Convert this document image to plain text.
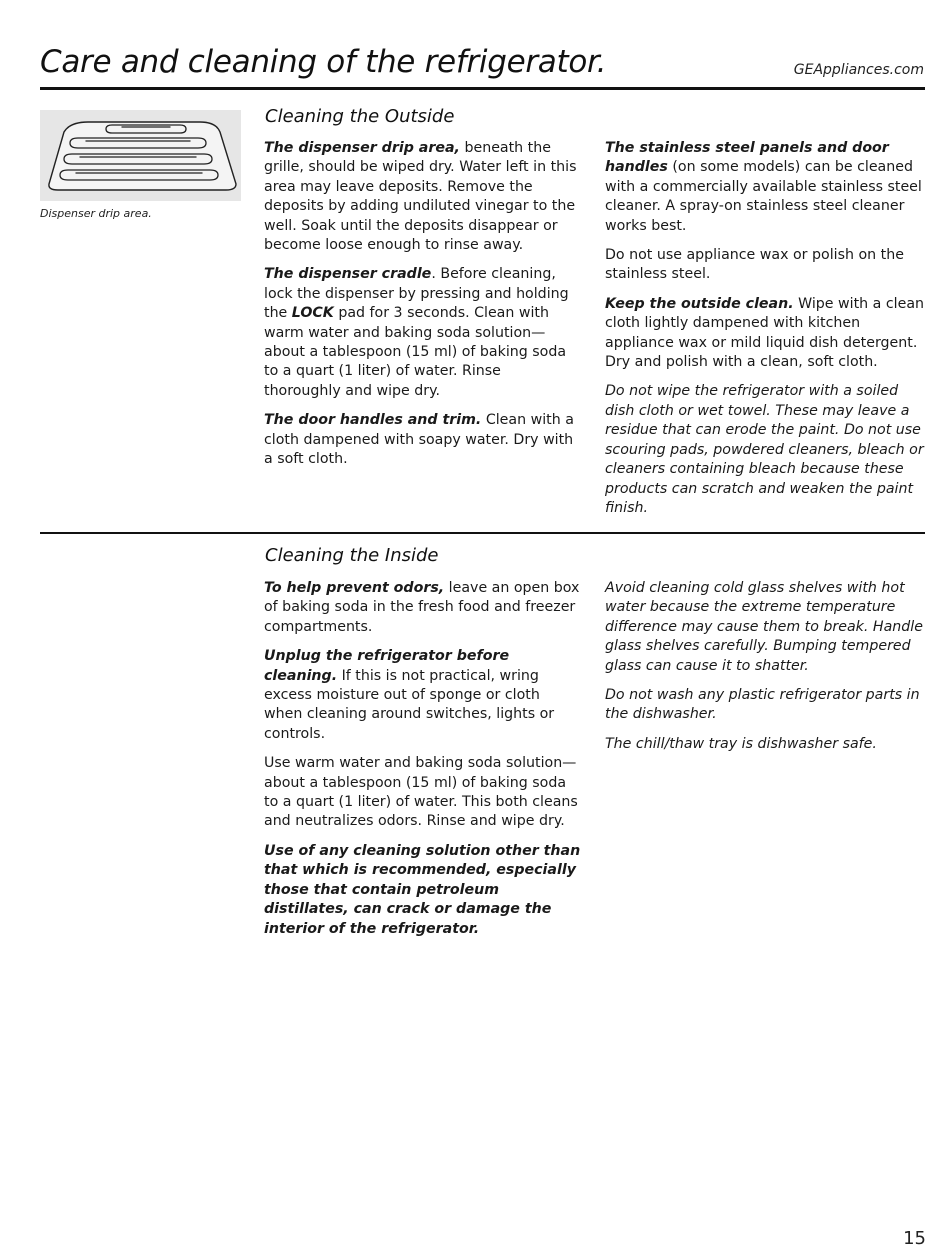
Care and cleaning of the refrigerator.	GEAppliances.com
Dispenser drip area.
Cleaning the Outside

The dispenser drip area, beneath the grille, should be wiped dry. Water left in this area may leave deposits. Remove the deposits by adding undiluted vinegar to the well. Soak until the deposits disappear or become loose enough to rinse away.

The dispenser cradle. Before cleaning, lock the dispenser by pressing and holding the LOCK pad for 3 seconds. Clean with warm water and baking soda solution—about a tablespoon (15 ml) of baking soda to a quart (1 liter) of water. Rinse thoroughly and wipe dry.

The door handles and trim. Clean with a cloth dampened with soapy water. Dry with a soft cloth.

The stainless steel panels and door handles (on some models) can be cleaned with a commercially available stainless steel cleaner. A spray-on stainless steel cleaner works best.

Do not use appliance wax or polish on the stainless steel.

Keep the outside clean. Wipe with a clean cloth lightly dampened with kitchen appliance wax or mild liquid dish detergent. Dry and polish with a clean, soft cloth.

Do not wipe the refrigerator with a soiled dish cloth or wet towel. These may leave a residue that can erode the paint. Do not use scouring pads, powdered cleaners, bleach or cleaners containing bleach because these products can scratch and weaken the paint finish.

Cleaning the Inside

To help prevent odors, leave an open box of baking soda in the fresh food and freezer compartments.

Unplug the refrigerator before cleaning. If this is not practical, wring excess moisture out of sponge or cloth when cleaning around switches, lights or controls.

Use warm water and baking soda solution—about a tablespoon (15 ml) of baking soda to a quart (1 liter) of water. This both cleans and neutralizes odors. Rinse and wipe dry.

Use of any cleaning solution other than that which is recommended, especially those that contain petroleum distillates, can crack or damage the interior of the refrigerator.

Avoid cleaning cold glass shelves with hot water because the extreme temperature difference may cause them to break. Handle glass shelves carefully. Bumping tempered glass can cause it to shatter.

Do not wash any plastic refrigerator parts in the dishwasher.

The chill/thaw tray is dishwasher safe.

15
